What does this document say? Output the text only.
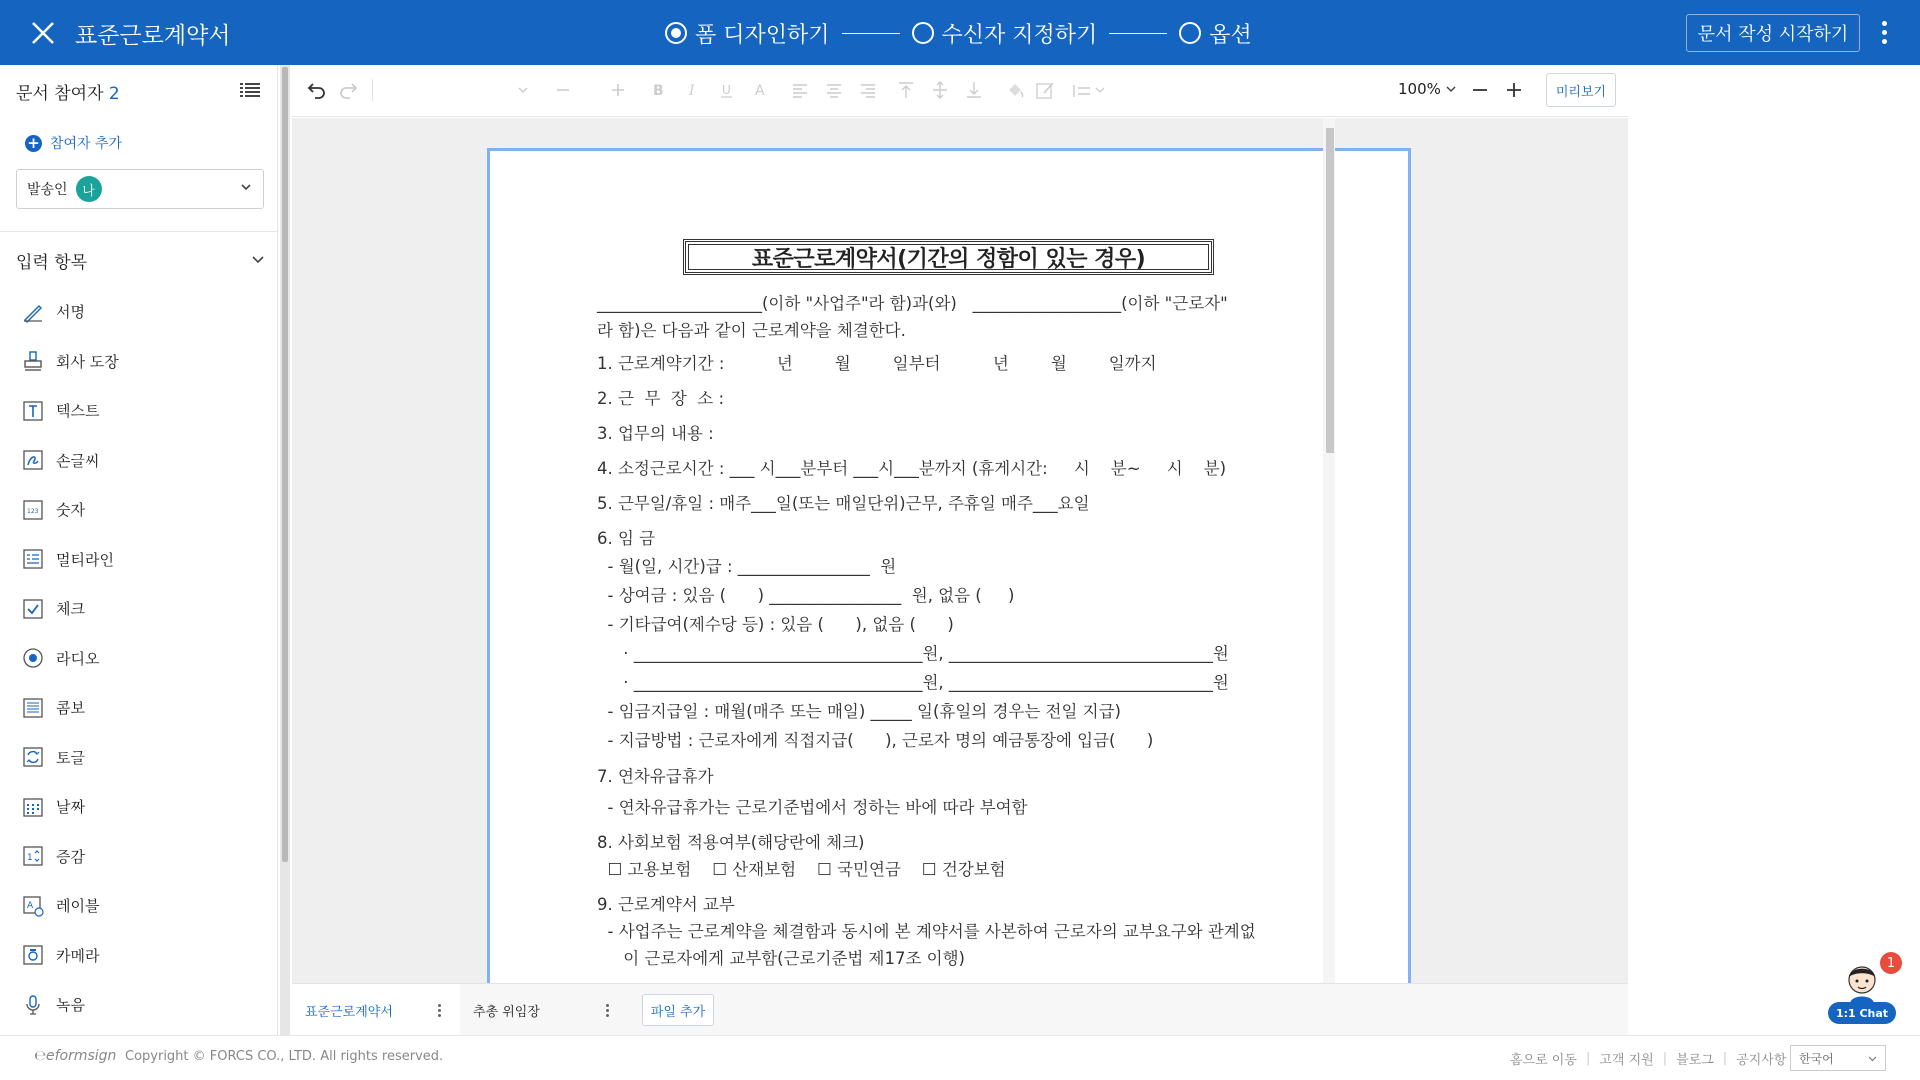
표준근로계약서	폼 디자인하기	수신자 지정하기	옵션	문서 작성 시작하기
문서 참여자 2
+ 참여자 추가
발송인	나
입력 항목
서명
회사 도장
텍스트
손글씨
123 숫자
멀티라인
체크
라디오
콤보
토글
날짜
1 증감
A 레이블
카메라
녹음
B I U A	100%	미리보기
표준근로계약서(기간의 정함이 있는 경우)

____________________(이하 "사업주"라 함)과(와)   __________________(이하 "근로자"

라 함)은 다음과 같이 근로계약을 체결한다.

1. 근로계약기간 :          년        월        일부터          년        월        일까지

2. 근  무  장  소 :

3. 업무의 내용 :

4. 소정근로시간 : ___ 시___분부터 ___시___분까지 (휴게시간:     시    분~     시    분)

5. 근무일/휴일 : 매주___일(또는 매일단위)근무, 주휴일 매주___요일

6. 임 금

- 월(일, 시간)급 : ________________  원

- 상여금 : 있음 (      ) ________________  원, 없음 (     )

- 기타급여(제수당 등) : 있음 (      ), 없음 (      )

· ___________________________________원, ________________________________원

· ___________________________________원, ________________________________원

- 임금지급일 : 매월(매주 또는 매일) _____ 일(휴일의 경우는 전일 지급)

- 지급방법 : 근로자에게 직접지급(      ), 근로자 명의 예금통장에 입금(      )

7. 연차유급휴가

- 연차유급휴가는 근로기준법에서 정하는 바에 따라 부여함

8. 사회보험 적용여부(해당란에 체크)

☐ 고용보험    ☐ 산재보험    ☐ 국민연금    ☐ 건강보험

9. 근로계약서 교부

- 사업주는 근로계약을 체결함과 동시에 본 계약서를 사본하여 근로자의 교부요구와 관계없

이 근로자에게 교부함(근로기준법 제17조 이행)

표준근로계약서	추총 위임장	파일 추가
℮eformsign Copyright © FORCS CO., LTD. All rights reserved.	홈으로 이동 | 고객 지원 | 블로그 | 공지사항 한국어
1:1 Chat
1
